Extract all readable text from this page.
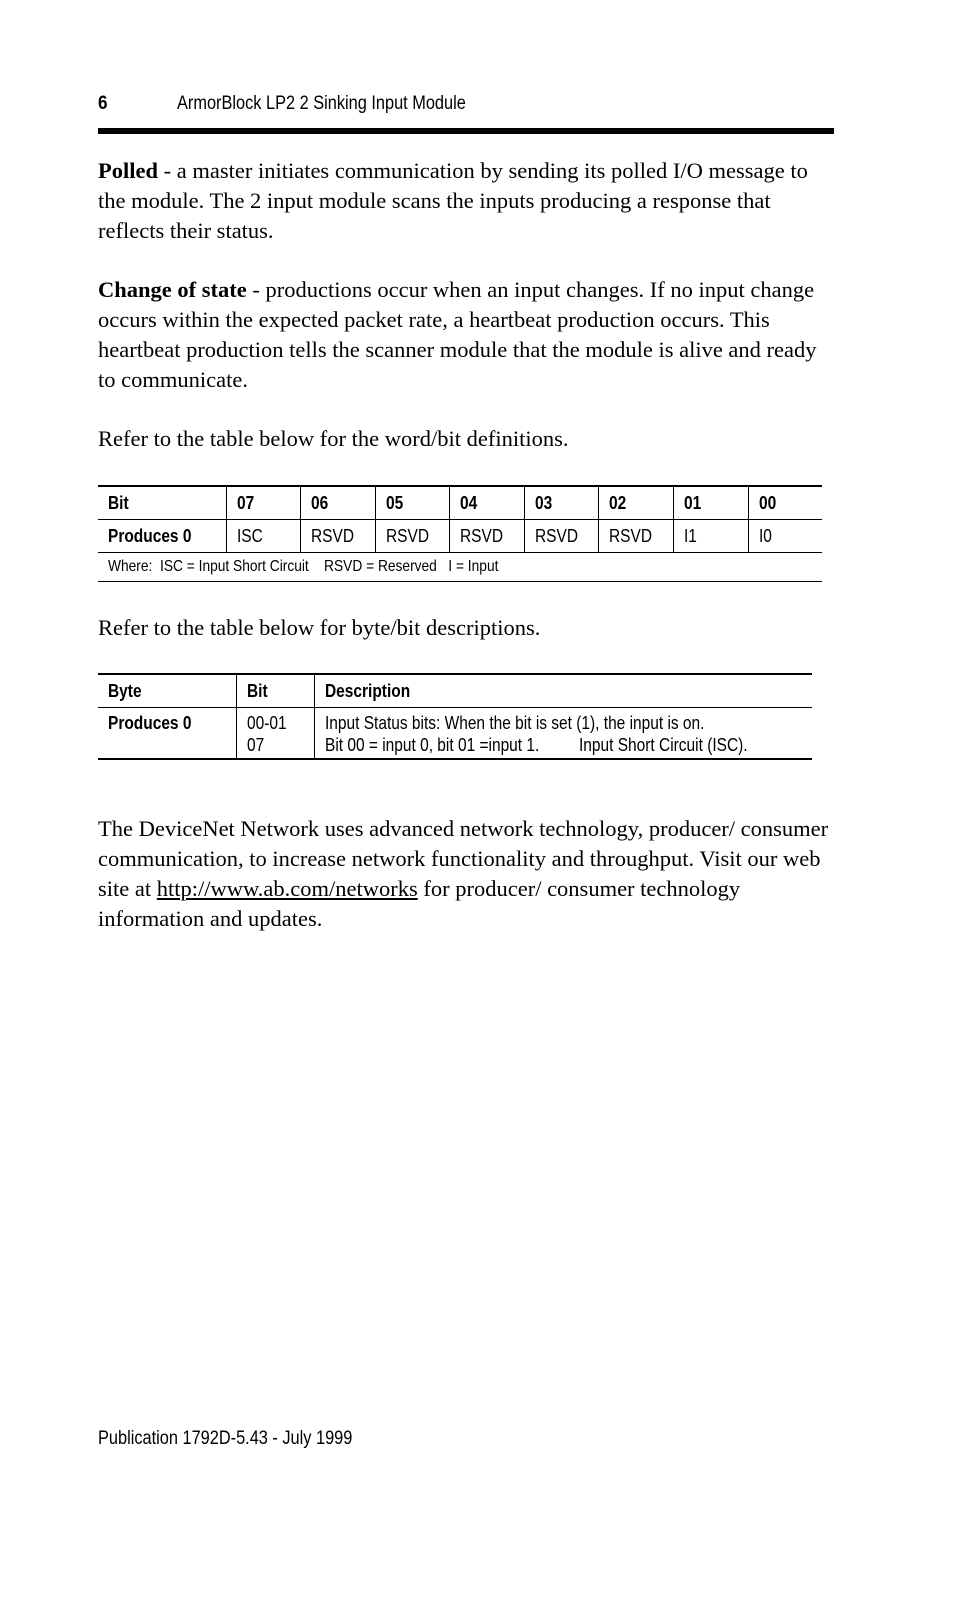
6	ArmorBlock LP2 2 Sinking Input Module

Polled - a master initiates communication by sending its polled I/O message to the module. The 2 input module scans the inputs producing a response that reflects their status.

Change of state - productions occur when an input changes. If no input change occurs within the expected packet rate, a heartbeat production occurs. This heartbeat production tells the scanner module that the module is alive and ready to communicate.

Refer to the table below for the word/bit definitions.

Bit	07	06	05	04	03	02	01	00
Produces 0	ISC	RSVD	RSVD	RSVD	RSVD	RSVD	I1	I0
Where:  ISC = Input Short Circuit    RSVD = Reserved   I = Input								

Refer to the table below for byte/bit descriptions.

Byte	Bit	Description
Produces 0	00-01 07	Input Status bits: When the bit is set (1), the input is on. Bit 00 = input 0, bit 01 =input 1. Input Short Circuit (ISC).

The DeviceNet Network uses advanced network technology, producer/ consumer communication, to increase network functionality and throughput. Visit our web site at http://www.ab.com/networks for producer/ consumer technology information and updates.

Publication 1792D-5.43 - July 1999
